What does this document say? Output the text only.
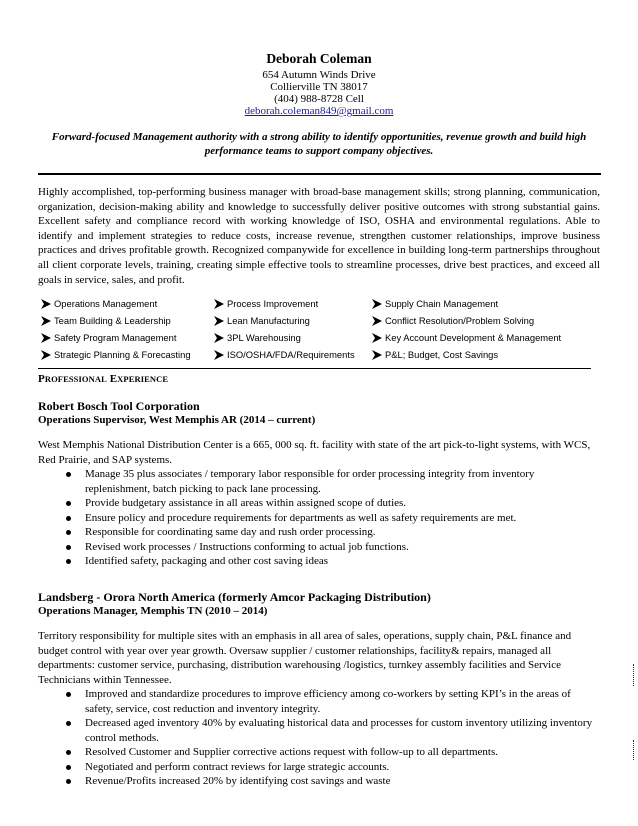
Deborah Coleman
654 Autumn Winds Drive
Collierville TN 38017
(404) 988-8728 Cell
deborah.coleman849@gmail.com
Forward-focused Management authority with a strong ability to identify opportunities, revenue growth and build high performance teams to support company objectives.
Highly accomplished, top-performing business manager with broad-base management skills; strong planning, communication, organization, decision-making ability and knowledge to successfully deliver positive outcomes with strong substantial gains. Excellent safety and compliance record with working knowledge of ISO, OSHA and environmental regulations. Able to identify and implement strategies to reduce costs, increase revenue, strengthen customer relationships, improve business practices and drives profitable growth. Recognized companywide for excellence in building long-term partnerships throughout all client corporate levels, training, creating simple effective tools to streamline processes, drive best practices, and exceed all goals in service, sales, and profit.
Operations Management	Process Improvement	Supply Chain Management
Team Building & Leadership	Lean Manufacturing	Conflict Resolution/Problem Solving
Safety Program Management	3PL Warehousing	Key Account Development & Management
Strategic Planning & Forecasting	ISO/OSHA/FDA/Requirements	P&L; Budget, Cost Savings
PROFESSIONAL EXPERIENCE
Robert Bosch Tool Corporation
Operations Supervisor, West Memphis AR (2014 – current)
West Memphis National Distribution Center is a 665, 000 sq. ft. facility with state of the art pick-to-light systems, with WCS, Red Prairie, and SAP systems.
Manage 35 plus associates / temporary labor responsible for order processing integrity from inventory replenishment, batch picking to pack lane processing.
Provide budgetary assistance in all areas within assigned scope of duties.
Ensure policy and procedure requirements for departments as well as safety requirements are met.
Responsible for coordinating same day and rush order processing.
Revised work processes / Instructions conforming to actual job functions.
Identified safety, packaging and other cost saving ideas
Landsberg - Orora North America (formerly Amcor Packaging Distribution)
Operations Manager, Memphis TN (2010 – 2014)
Territory responsibility for multiple sites with an emphasis in all area of sales, operations, supply chain, P&L finance and budget control with year over year growth. Oversaw supplier / customer relationships, facility& repairs, managed all departments: customer service, purchasing, distribution warehousing /logistics, turnkey assembly facilities and Service Technicians within Tennessee.
Improved and standardize procedures to improve efficiency among co-workers by setting KPI’s in the areas of safety, service, cost reduction and inventory integrity.
Decreased aged inventory 40% by evaluating historical data and processes for custom inventory utilizing inventory control methods.
Resolved Customer and Supplier corrective actions request with follow-up to all departments.
Negotiated and perform contract reviews for large strategic accounts.
Revenue/Profits increased 20% by identifying cost savings and waste
